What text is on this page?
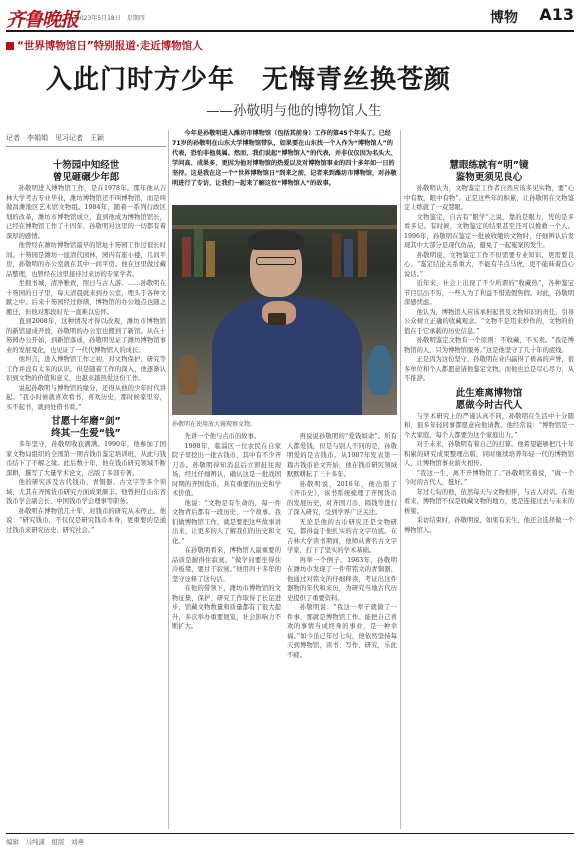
齐鲁晚报
2023年5月18日　星期四	博物 A13
“世界博物馆日”特别报道·走近博物馆人
入此门时方少年　无悔青丝换苍颜
——孙敬明与他的博物馆人生
记者　李娟娟　见习记者　王颖
今年是孙敬明进入潍坊市博物馆（包括其前身）工作的第45个年头了。已经71岁的孙敬明在山东大学博物馆带队，如果要在山东找一个人作为“博物馆人”的代表，恐怕非他莫属。然而，我们说起“博物馆人”的代表，并非仅仅因为名头大、学问高、成果多，更因为他对博物馆的热爱以及对博物馆事业的四十多年如一日的坚持。这是我在这一个“世界博物馆日”到来之前，记者来到潍坊市博物馆，对孙敬明进行了专访，让我们一起来了解这位“博物馆人”的故事。
孙敬明在使用放大镜观察文物。
十笏园中知经世
曾见砸碾少年郎

孙敬明进入博物馆工作，是在1978年。那年他从吉林大学考古专业毕业，潍坊博物馆还不叫博物馆，而是叫做昌潍地区艺术馆文物组。1984年，随着一系列行政区划的改革，潍坊市博物馆成立，直到他成为博物馆馆长，已经在博物馆工作了十四年，孙敬明对这里的一切都有着深厚的感情。

他曾经在潍坊博物馆最早的馆址十笏园工作过很长时间。十笏园是潍坊一座清代园林，园内有座小楼，几间平房，孙敬明的办公室就在其中一间平房。他在这里做过藏品整理，也曾经在这里接待过来访的专家学者。

坐拥书城，清净雅致，照日与古人游。……孙敬明在十笏园的日子里，每天清晨就来到办公室，埋头于各种文献之中。后来十笏园经过修缮，博物馆的办公地点也随之搬迁，但他对那段时光一直难以忘怀。

直到2008年，这种情况才得以改观，潍坊市博物馆的新馆建成开放，孙敬明的办公室也搬到了新馆。从在十笏园办公开始，到新馆落成，孙敬明见证了潍坊博物馆事业的发展变化，也见证了一代代博物馆人的成长。

他坦言，进入博物馆工作之初，对文物保护、研究等工作并没有太多的认识，但是随着工作的深入，他逐渐认识到文物的价值和意义，也越来越热爱这份工作。

说起孙敬明与博物馆的缘分，还得从他的少年时代讲起。“我小时候就喜欢看书，喜欢历史，那时候家里穷，买不起书，就到处借书看。”

甘愿十年磨“剑”
终其一生爱“钱”

多年坚守，孙敬明收获满满。1990年，他参加了国家文物局组织的全国第一期古钱币鉴定培训班，从此与钱币结下了不解之缘。此后数十年，他在钱币研究领域不断深耕，撰写了大量学术论文，出版了多部专著。

他的研究涉及古代钱币、青铜器、古文字等多个领域，尤其在齐国货币研究方面成果颇丰。他曾担任山东省钱币学会副会长、中国钱币学会理事等职务。

孙敬明在博物馆几十年，对钱币的研究从未停止。他说：“研究钱币，不仅仅是研究钱币本身，更重要的是通过钱币来研究历史、研究社会。”

先讲一个他与古币的故事。

1998年，临淄区一位农民在自家院子里挖出一批古钱币，其中有不少齐刀币。孙敬明得知消息后立即赶往现场，经过仔细辨认，确认这是一批战国时期的齐国货币，具有重要的历史和学术价值。

他说：“文物是有生命的，每一件文物背后都有一段历史、一个故事。我们做博物馆工作，就是要把这些故事讲出来，让更多的人了解我们的历史和文化。”

在孙敬明看来，博物馆人最重要的品质是耐得住寂寞。“做学问要坐得住冷板凳，要甘于寂寞。”他用四十多年的坚守诠释了这句话。

在他的带领下，潍坊市博物馆的文物征集、保护、研究工作取得了长足进步，馆藏文物数量和质量都有了很大提升，多次举办重要展览，社会影响力不断扩大。

再说说孙敬明的“爱钱如命”。所有人都爱钱，但是与别人不同的是，孙敬明爱的是古钱币。从1987年发表第一篇古钱币论文开始，他在钱币研究领域默默耕耘了三十多年。

孙敬明说，2016年，他出版了《齐币史》，该书系统梳理了齐国货币的发展历史，对齐国刀币、圆钱等进行了深入研究，受到学界广泛关注。

无论是他的古币研究还是文物研究，都得益于他扎实的古文字功底。在吉林大学读书期间，他师从著名古文字学家，打下了坚实的学术基础。

再举一个例子。1983年，孙敬明在潍坊市发现了一件带铭文的青铜器，他通过对铭文的仔细释读，考证出这件器物的年代和来历，为研究当地古代历史提供了重要资料。

孙敬明说：“我这一辈子就做了一件事，那就是博物馆工作。能把自己喜欢的事情当成终身的事业，是一种幸福。”如今虽已年过七旬，他依然坚持每天到博物馆，读书、写作、研究，乐此不疲。

慧眼练就有“明”镜
鉴物更须见良心

孙敬明认为，文物鉴定工作者自然应该多见实物，要“心中有数，眼中有物”。正是这些年的积累，让孙敬明在文物鉴定上练就了一双慧眼。

文物鉴定，自古有“眼学”之说，靠的是眼力，凭的是多看多记。有时候，文物鉴定的结果甚至还可以挽救一个人。1996年，孙敬明在鉴定一批被收缴的文物时，仔细辨认后发现其中大部分是现代仿品，避免了一起冤案的发生。

孙敬明说，文物鉴定工作不但需要专业知识，更需要良心。“鉴定结论关系重大，不能有半点马虎，更不能昧着良心说话。”

近年来，社会上出现了不少所谓的“收藏热”，各种鉴宝节目层出不穷，一些人为了利益不惜造假售假。对此，孙敬明深感忧虑。

他认为，博物馆人应该承担起普及文物知识的责任，引导公众树立正确的收藏观念。“文物不是用来炒作的，文物的价值在于它承载的历史信息。”

孙敬明鉴定文物有一个原则：不收藏，不买卖。“我是博物馆的人，只为博物馆服务。”这是他坚守了几十年的底线。

正是因为这份坚守，孙敬明在业内赢得了极高的声誉，很多单位和个人都愿意请他鉴定文物。而他也总是尽心尽力，从不推辞。

此生难离博物馆
愿做今时古代人

与学术研究上的严谨认真不同，孙敬明在生活中十分随和，很多年轻同事都愿意向他请教。他经常说：“博物馆是一个大家庭，每个人都要为这个家庭出力。”

对于未来，孙敬明有着自己的打算。他希望能够把几十年积累的研究成果整理出版，同时继续培养年轻一代的博物馆人，让博物馆事业薪火相传。

“我这一生，离不开博物馆了。”孙敬明笑着说，“做一个今时的古代人，挺好。”

年过七旬的他，依然每天与文物相伴，与古人对话。在他看来，博物馆不仅是收藏文物的地方，更是连接过去与未来的桥梁。

采访结束时，孙敬明说，如果有来生，他还会选择做一个博物馆人。

编辑　马纯潇　组版　刘燕
